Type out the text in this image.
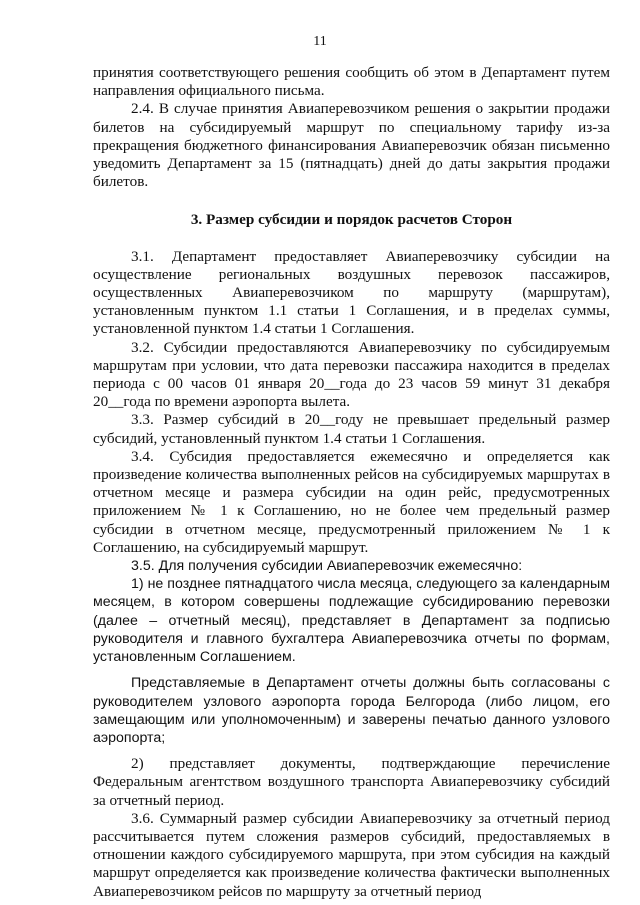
11

принятия соответствующего решения сообщить об этом в Департамент путем направления официального письма.

2.4. В случае принятия Авиаперевозчиком решения о закрытии продажи билетов на субсидируемый маршрут по специальному тарифу из-за прекращения бюджетного финансирования Авиаперевозчик обязан письменно уведомить Департамент за 15 (пятнадцать) дней до даты закрытия продажи билетов.

3. Размер субсидии и порядок расчетов Сторон

3.1. Департамент предоставляет Авиаперевозчику субсидии на осуществление региональных воздушных перевозок пассажиров, осуществленных Авиаперевозчиком по маршруту (маршрутам), установленным пунктом 1.1 статьи 1 Соглашения, и в пределах суммы, установленной пунктом 1.4 статьи 1 Соглашения.

3.2. Субсидии предоставляются Авиаперевозчику по субсидируемым маршрутам при условии, что дата перевозки пассажира находится в пределах периода с 00 часов 01 января 20__года до 23 часов 59 минут 31 декабря 20__года по времени аэропорта вылета.

3.3. Размер субсидий в 20__году не превышает предельный размер субсидий, установленный пунктом 1.4 статьи 1 Соглашения.

3.4. Субсидия предоставляется ежемесячно и определяется как произведение количества выполненных рейсов на субсидируемых маршрутах в отчетном месяце и размера субсидии на один рейс, предусмотренных приложением № 1 к Соглашению, но не более чем предельный размер субсидии в отчетном месяце, предусмотренный приложением № 1 к Соглашению, на субсидируемый маршрут.

3.5. Для получения субсидии Авиаперевозчик ежемесячно:

1) не позднее пятнадцатого числа месяца, следующего за календарным месяцем, в котором совершены подлежащие субсидированию перевозки (далее – отчетный месяц), представляет в Департамент за подписью руководителя и главного бухгалтера Авиаперевозчика отчеты по формам, установленным Соглашением.

Представляемые в Департамент отчеты должны быть согласованы с руководителем узлового аэропорта города Белгорода (либо лицом, его замещающим или уполномоченным) и заверены печатью данного узлового аэропорта;

2) представляет документы, подтверждающие перечисление Федеральным агентством воздушного транспорта Авиаперевозчику субсидий за отчетный период.

3.6. Суммарный размер субсидии Авиаперевозчику за отчетный период рассчитывается путем сложения размеров субсидий, предоставляемых в отношении каждого субсидируемого маршрута, при этом субсидия на каждый маршрут определяется как произведение количества фактически выполненных Авиаперевозчиком рейсов по маршруту за отчетный период
